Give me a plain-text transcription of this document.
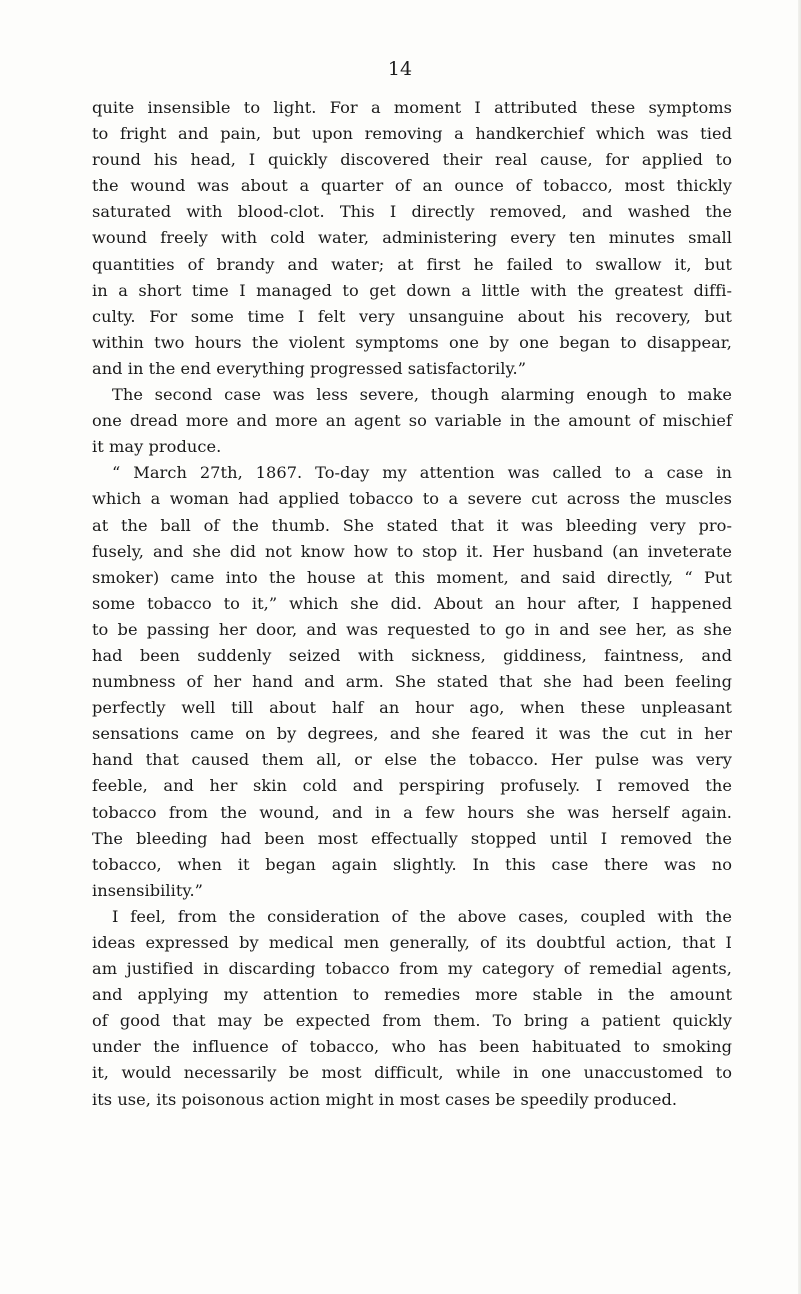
14
quite insensible to light. For a moment I attributed these symptoms
to fright and pain, but upon removing a handkerchief which was tied
round his head, I quickly discovered their real cause, for applied to
the wound was about a quarter of an ounce of tobacco, most thickly
saturated with blood-clot. This I directly removed, and washed the
wound freely with cold water, administering every ten minutes small
quantities of brandy and water; at first he failed to swallow it, but
in a short time I managed to get down a little with the greatest diffi-
culty. For some time I felt very unsanguine about his recovery, but
within two hours the violent symptoms one by one began to disappear,
and in the end everything progressed satisfactorily.”
The second case was less severe, though alarming enough to make
one dread more and more an agent so variable in the amount of mischief
it may produce.
“ March 27th, 1867. To-day my attention was called to a case in
which a woman had applied tobacco to a severe cut across the muscles
at the ball of the thumb. She stated that it was bleeding very pro-
fusely, and she did not know how to stop it. Her husband (an inveterate
smoker) came into the house at this moment, and said directly, “ Put
some tobacco to it,” which she did. About an hour after, I happened
to be passing her door, and was requested to go in and see her, as she
had been suddenly seized with sickness, giddiness, faintness, and
numbness of her hand and arm. She stated that she had been feeling
perfectly well till about half an hour ago, when these unpleasant
sensations came on by degrees, and she feared it was the cut in her
hand that caused them all, or else the tobacco. Her pulse was very
feeble, and her skin cold and perspiring profusely. I removed the
tobacco from the wound, and in a few hours she was herself again.
The bleeding had been most effectually stopped until I removed the
tobacco, when it began again slightly. In this case there was no
insensibility.”
I feel, from the consideration of the above cases, coupled with the
ideas expressed by medical men generally, of its doubtful action, that I
am justified in discarding tobacco from my category of remedial agents,
and applying my attention to remedies more stable in the amount
of good that may be expected from them. To bring a patient quickly
under the influence of tobacco, who has been habituated to smoking
it, would necessarily be most difficult, while in one unaccustomed to
its use, its poisonous action might in most cases be speedily produced.
